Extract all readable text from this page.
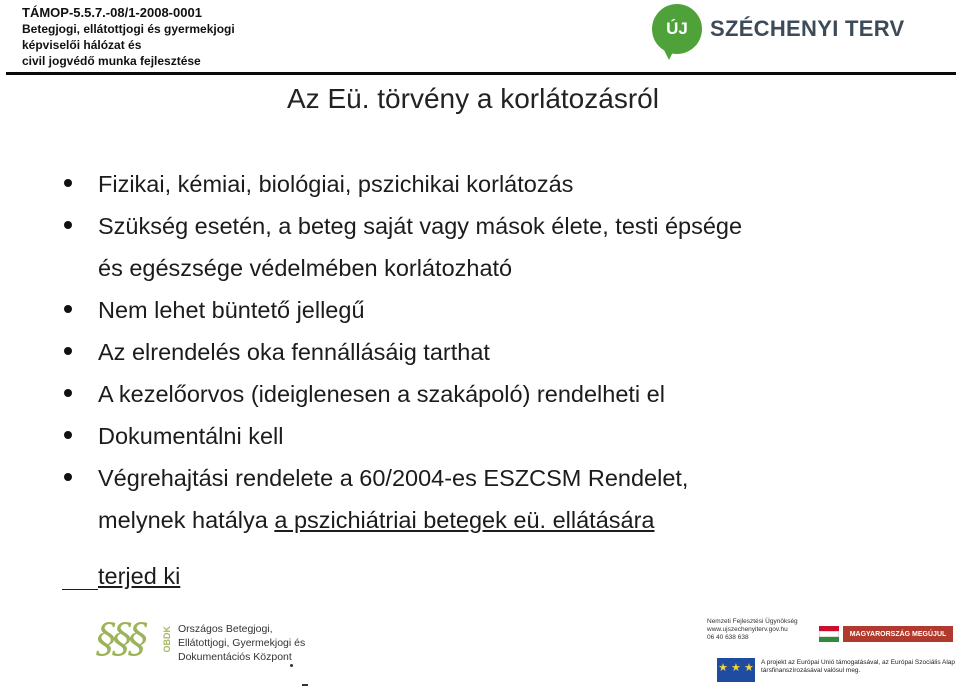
TÁMOP-5.5.7.-08/1-2008-0001
Betegjogi, ellátottjogi és gyermekjogi
képviselői hálózat és
civil jogvédő munka fejlesztése
ÚJ SZÉCHENYI TERV
Az Eü. törvény a korlátozásról
Fizikai, kémiai, biológiai, pszichikai korlátozás
Szükség esetén, a beteg saját vagy mások élete, testi épsége
és egészsége védelmében korlátozható
Nem lehet büntető jellegű
Az elrendelés oka fennállásáig tarthat
A kezelőorvos (ideiglenesen a szakápoló) rendelheti el
Dokumentálni kell
Végrehajtási rendelete a 60/2004-es ESZCSM Rendelet,
melynek hatálya a pszichiátriai betegek eü. ellátására
terjed ki
§§§ OBDK Országos Betegjogi,
Ellátottjogi, Gyermekjogi és
Dokumentációs Központ
Nemzeti Fejlesztési Ügynökség
www.ujszechenyiterv.gov.hu
06 40 638 638	MAGYARORSZÁG MEGÚJUL
★ ★ ★ A projekt az Európai Unió támogatásával, az Európai Szociális Alap társfinanszírozásával valósul meg.
